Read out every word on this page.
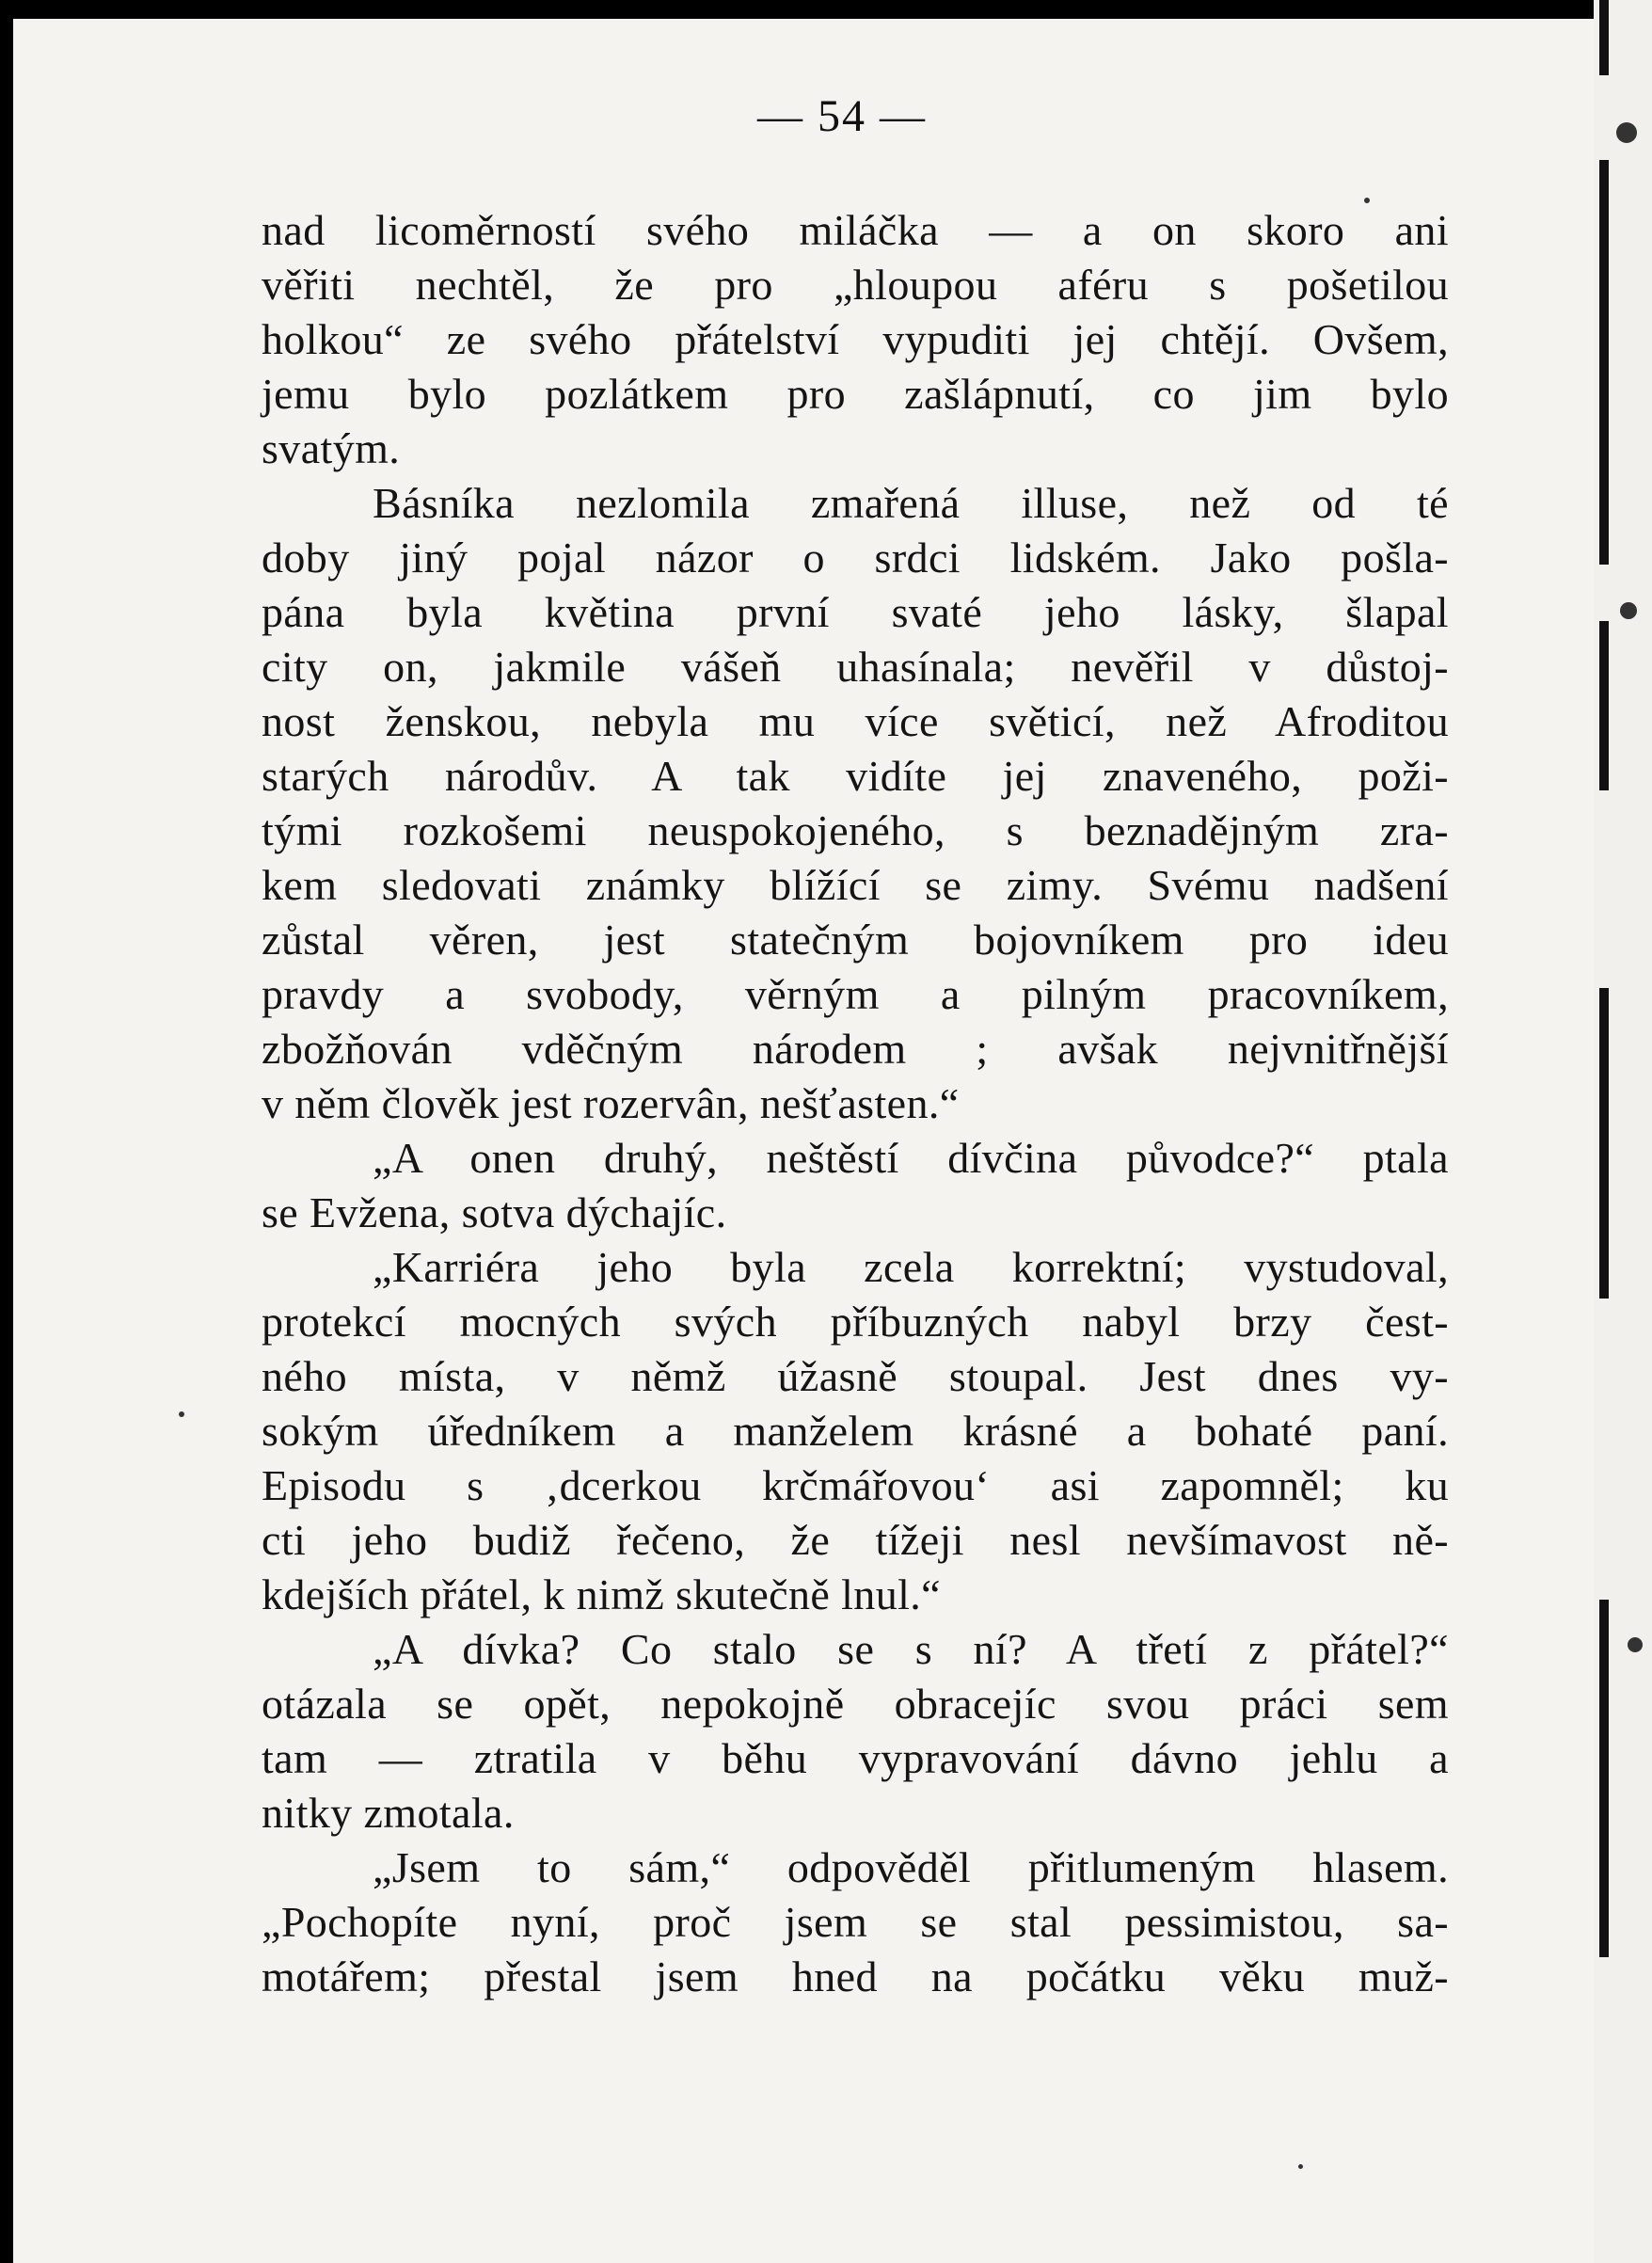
— 54 —
nad licoměrností svého miláčka — a on skoro ani
věřiti nechtěl, že pro „hloupou aféru s pošetilou
holkou“ ze svého přátelství vypuditi jej chtějí. Ovšem,
jemu bylo pozlátkem pro zašlápnutí, co jim bylo
svatým.
Básníka nezlomila zmařená illuse, než od té
doby jiný pojal názor o srdci lidském. Jako pošla-
pána byla květina první svaté jeho lásky, šlapal
city on, jakmile vášeň uhasínala; nevěřil v důstoj-
nost ženskou, nebyla mu více světicí, než Afroditou
starých národův. A tak vidíte jej znaveného, poži-
tými rozkošemi neuspokojeného, s beznadějným zra-
kem sledovati známky blížící se zimy. Svému nadšení
zůstal věren, jest statečným bojovníkem pro ideu
pravdy a svobody, věrným a pilným pracovníkem,
zbožňován vděčným národem ; avšak nejvnitřnější
v něm člověk jest rozervân, nešťasten.“
„A onen druhý, neštěstí dívčina původce?“ ptala
se Evžena, sotva dýchajíc.
„Karriéra jeho byla zcela korrektní; vystudoval,
protekcí mocných svých příbuzných nabyl brzy čest-
ného místa, v němž úžasně stoupal. Jest dnes vy-
sokým úředníkem a manželem krásné a bohaté paní.
Episodu s ‚dcerkou krčmářovou‘ asi zapomněl; ku
cti jeho budiž řečeno, že tížeji nesl nevšímavost ně-
kdejších přátel, k nimž skutečně lnul.“
„A dívka? Co stalo se s ní? A třetí z přátel?“
otázala se opět, nepokojně obracejíc svou práci sem
tam — ztratila v běhu vypravování dávno jehlu a
nitky zmotala.
„Jsem to sám,“ odpověděl přitlumeným hlasem.
„Pochopíte nyní, proč jsem se stal pessimistou, sa-
motářem; přestal jsem hned na počátku věku muž-
